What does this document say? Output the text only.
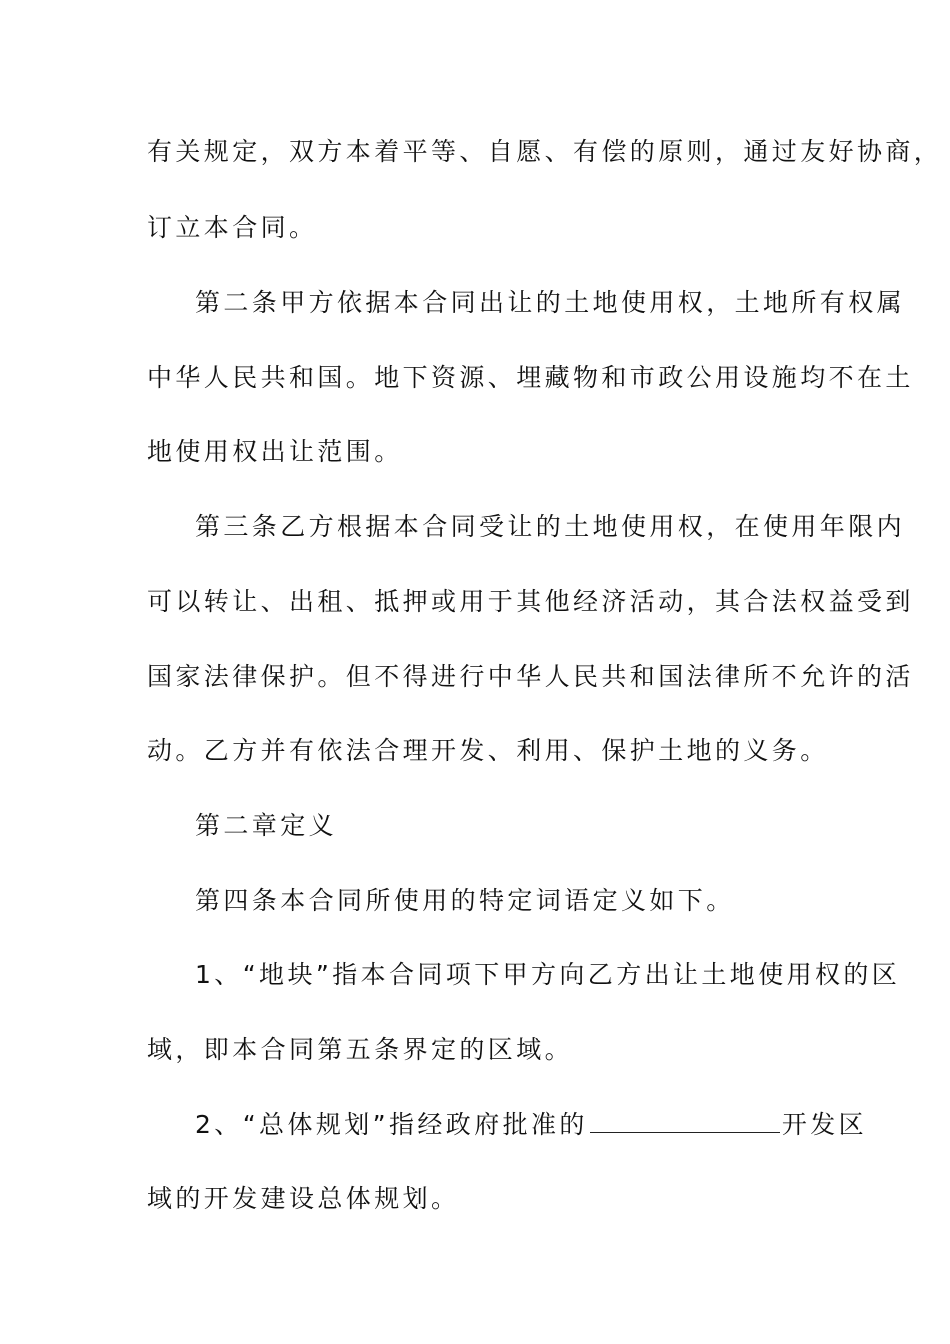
有关规定，双方本着平等、自愿、有偿的原则，通过友好协商，
订立本合同。
第二条甲方依据本合同出让的土地使用权，土地所有权属
中华人民共和国。地下资源、埋藏物和市政公用设施均不在土
地使用权出让范围。
第三条乙方根据本合同受让的土地使用权，在使用年限内
可以转让、出租、抵押或用于其他经济活动，其合法权益受到
国家法律保护。但不得进行中华人民共和国法律所不允许的活
动。乙方并有依法合理开发、利用、保护土地的义务。
第二章定义
第四条本合同所使用的特定词语定义如下。
1、“地块”指本合同项下甲方向乙方出让土地使用权的区
域，即本合同第五条界定的区域。
2、“总体规划”指经政府批准的	开发区
域的开发建设总体规划。
